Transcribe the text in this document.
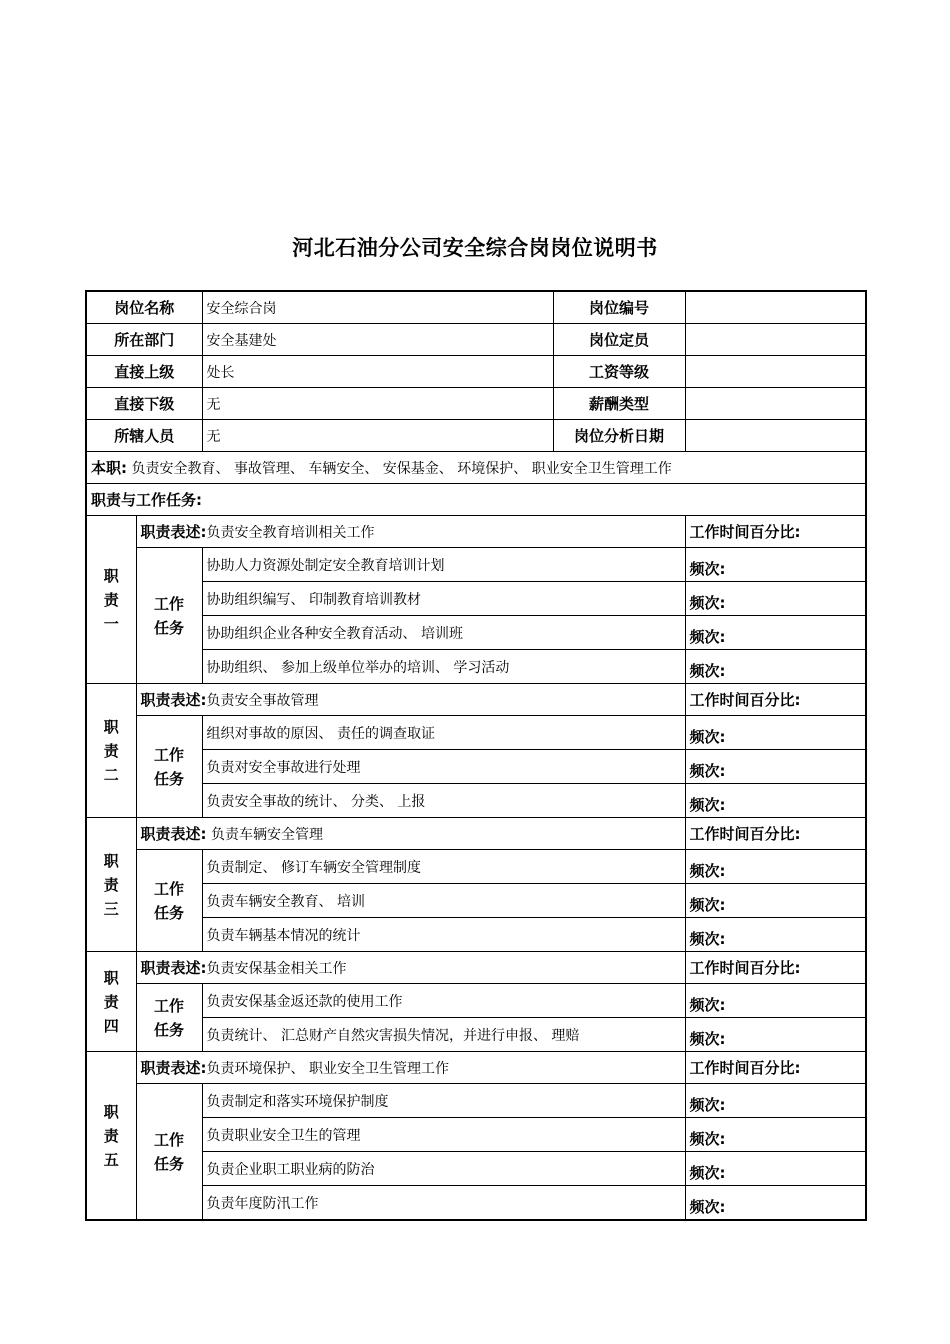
河北石油分公司安全综合岗岗位说明书
岗位名称		安全综合岗	岗位编号	
所在部门		安全基建处	岗位定员	
直接上级		处长	工资等级	
直接下级		无	薪酬类型	
所辖人员		无	岗位分析日期	
本职: 负责安全教育、 事故管理、 车辆安全、 安保基金、 环境保护、 职业安全卫生管理工作				
职责与工作任务:				

职责一	职责表述:负责安全教育培训相关工作			工作时间百分比:

	工作任务	协助人力资源处制定安全教育培训计划		频次:
		协助组织编写、 印制教育培训教材		频次:
		协助组织企业各种安全教育活动、 培训班		频次:
		协助组织、 参加上级单位举办的培训、 学习活动		频次:

职责二	职责表述:负责安全事故管理			工作时间百分比:

	工作任务	组织对事故的原因、 责任的调查取证		频次:
		负责对安全事故进行处理		频次:
		负责安全事故的统计、 分类、 上报		频次:

职责三	职责表述: 负责车辆安全管理			工作时间百分比:

	工作任务	负责制定、 修订车辆安全管理制度		频次:
		负责车辆安全教育、 培训		频次:
		负责车辆基本情况的统计		频次:

职责四	职责表述:负责安保基金相关工作			工作时间百分比:

	工作任务	负责安保基金返还款的使用工作		频次:
		负责统计、 汇总财产自然灾害损失情况，并进行申报、 理赔		频次:

职责五	职责表述:负责环境保护、 职业安全卫生管理工作			工作时间百分比:

	工作任务	负责制定和落实环境保护制度		频次:
		负责职业安全卫生的管理		频次:
		负责企业职工职业病的防治		频次:
		负责年度防汛工作		频次:
